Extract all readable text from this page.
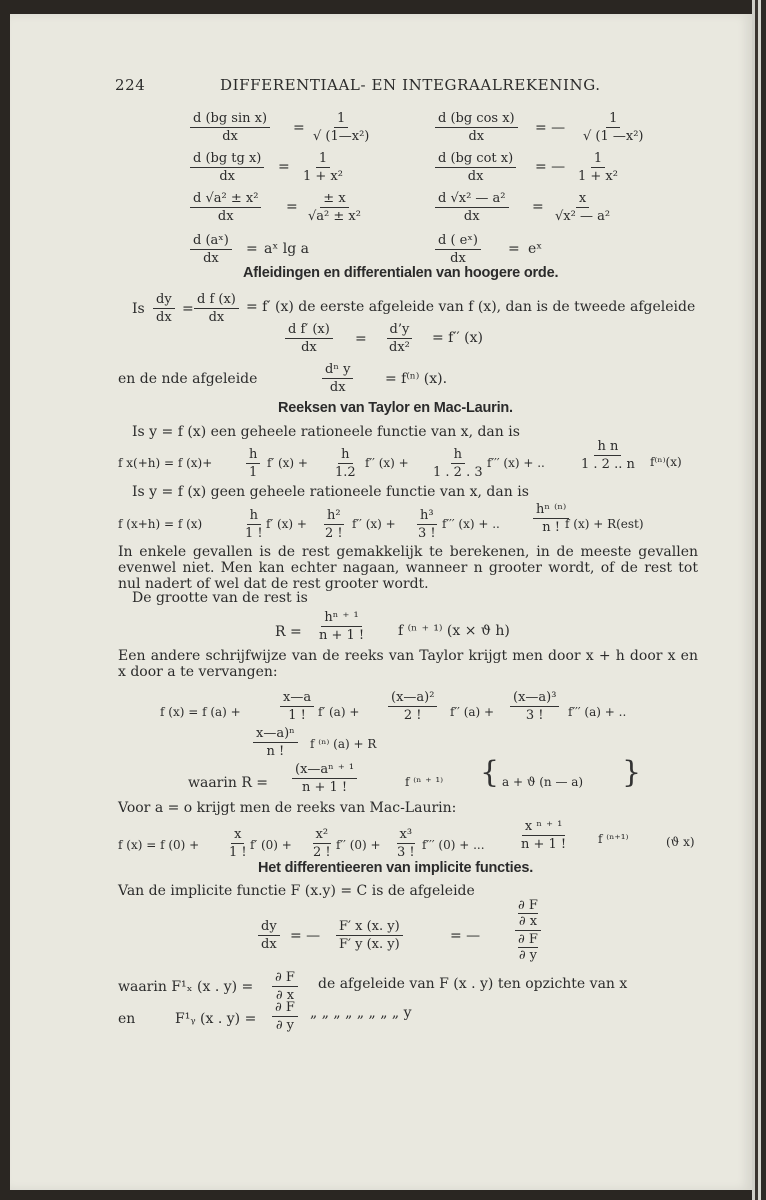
224	DIFFERENTIAAL- EN INTEGRAALREKENING.
$\frac{\text{d (bg sin x)}}{dx} = \frac{1}{\text{√ (1—x²)}}$	$\frac{\text{d (bg cos x)}}{dx}$ = — $\frac{1}{\text{√ (1 —x²)}}$
$\frac{\text{d (bg tg x)}}{dx} = \frac{1}{\text{1 + x²}}$	$\frac{\text{d (bg cot x)}}{dx}$ = — $\frac{1}{\text{1 + x²}}$
$\frac{\text{d √a² ± x²}}{dx} = \frac{\pm x}{\text{√a² ± x²}}$	$\frac{\text{d √x² — a²}}{dx} = \frac{x}{\text{√x² — a²}}$
$\frac{\text{d (aˣ)}}{dx}$ = aˣ lg a	$\frac{\text{d ( eˣ)}}{dx}$ = eˣ
Afleidingen en differentialen van hoogere orde.
Is $\frac{dy}{dx} = \frac{\text{d f (x)}}{dx} = f'$ (x) de eerste afgeleide van f (x), dan is de tweede afgeleide
$\frac{\text{d f′ (x)}}{dx} = \frac{d’y}{\text{dx²}} = f''$ (x)
en de nde afgeleide	$\frac{\text{dⁿ y}}{dx} = f^{(n)}$ (x).
Reeksen van Taylor en Mac-Laurin.
Is y = f (x) een geheele rationeele functie van x, dan is
f x(+h) = f (x)+	$\frac{h}{1} f'$ $(x) + \frac{h}{1.2} f''$ $(x) + \frac{h}{1 . 2 . 3} f'''$ (x) + ..	$\frac{\text{h n}}{1 . 2 .. n} f^{(n)}(x)$
Is y = f (x) geen geheele rationeele functie van x, dan is
f (x+h) = f (x)	$\frac{h}{1 !} f'$ $(x) + \frac{\text{h²}}{2 !} f''$ $(x) + \frac{\text{h³}}{3 !} f'''$ (x) + ..	$\frac{\text{hⁿ ⁽ⁿ⁾}}{n !}$
f (x) + R(est)
In enkele gevallen is de rest gemakkelijk te berekenen, in de meeste gevallen evenwel niet. Men kan echter nagaan, wanneer n grooter wordt, of de rest tot nul nadert of wel dat de rest grooter wordt.
De grootte van de rest is
$R = \frac{\text{hⁿ ⁺ ¹}}{n + 1 !}$ f ⁽ⁿ ⁺ ¹⁾ (x × ϑ h)
Een andere schrijfwijze van de reeks van Taylor krijgt men door x + h door x en x door a te vervangen:
f (x) = f (a) +	$\frac{x—a}{1 !} f'$ $(a) + \frac{\text{(x—a)²}}{2 !} f''$ $(a) + \frac{\text{(x—a)³}}{3 !} f'''$ (a) + ..
$\frac{\text{x—a)ⁿ}}{n !}$ f ⁽ⁿ⁾ (a) + R
waarin $R = \frac{\text{(x—aⁿ ⁺ ¹}}{n + 1 !}$	f ⁽ⁿ ⁺ ¹⁾ { a + ϑ (n — a) }
Voor a = o krijgt men de reeks van Mac-Laurin:
f (x) = f $(0) + \frac{x}{1 !} f'$ $(0) + \frac{\text{x²}}{2 !} f''$ $(0) + \frac{\text{x³}}{3 !} f'''$ (0) + ...	$\frac{\text{x ⁿ ⁺ ¹}}{n + 1 !}$ f ⁽ⁿ⁺¹⁾	(ϑ x)
Het differentieeren van implicite functies.
Van de implicite functie F (x.y) = C is de afgeleide
$\frac{dy}{dx}$ = — $\frac{F' x (x. y)}{F' y (x. y)}$	= —	∂ F
∂ x
∂ F
∂ y
waarin F¹ₓ (x . $y) = \frac{\partial F}{\partial x}$ de afgeleide van F (x . y) ten opzichte van x
en	F¹ᵧ (x . $y) = \frac{\partial F}{\partial y}$ „ „ „ „ „ „ „ „ y
